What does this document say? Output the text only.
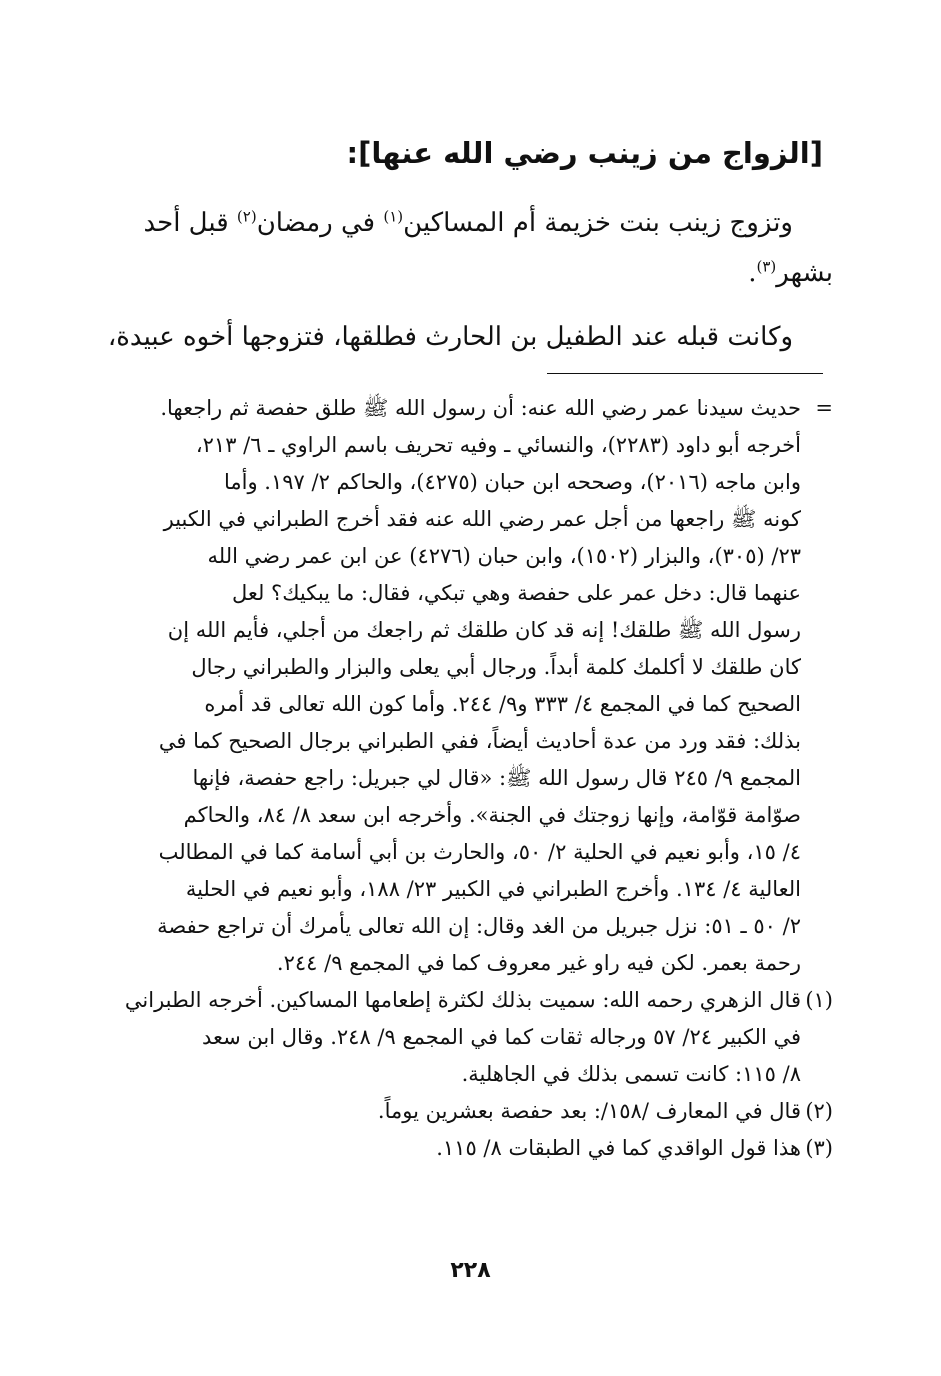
[الزواج من زينب رضي الله عنها]:
وتزوج زينب بنت خزيمة أم المساكين$^{(١)}$ في رمضان$^{(٢)}$ قبل أحد
بشهر$^{(٣)}$.
وكانت قبله عند الطفيل بن الحارث فطلقها، فتزوجها أخوه عبيدة،
=
حديث سيدنا عمر رضي الله عنه: أن رسول الله ﷺ طلق حفصة ثم راجعها.
أخرجه أبو داود (٢٢٨٣)، والنسائي ـ وفيه تحريف باسم الراوي ـ ٦/ ٢١٣،
وابن ماجه (٢٠١٦)، وصححه ابن حبان (٤٢٧٥)، والحاكم ٢/ ١٩٧. وأما
كونه ﷺ راجعها من أجل عمر رضي الله عنه فقد أخرج الطبراني في الكبير
٢٣/ (٣٠٥)، والبزار (١٥٠٢)، وابن حبان (٤٢٧٦) عن ابن عمر رضي الله
عنهما قال: دخل عمر على حفصة وهي تبكي، فقال: ما يبكيك؟ لعل
رسول الله ﷺ طلقك! إنه قد كان طلقك ثم راجعك من أجلي، فأيم الله إن
كان طلقك لا أكلمك كلمة أبداً. ورجال أبي يعلى والبزار والطبراني رجال
الصحيح كما في المجمع ٤/ ٣٣٣ و٩/ ٢٤٤. وأما كون الله تعالى قد أمره
بذلك: فقد ورد من عدة أحاديث أيضاً، ففي الطبراني برجال الصحيح كما في
المجمع ٩/ ٢٤٥ قال رسول الله ﷺ: «قال لي جبريل: راجع حفصة، فإنها
صوّامة قوّامة، وإنها زوجتك في الجنة». وأخرجه ابن سعد ٨/ ٨٤، والحاكم
٤/ ١٥، وأبو نعيم في الحلية ٢/ ٥٠، والحارث بن أبي أسامة كما في المطالب
العالية ٤/ ١٣٤. وأخرج الطبراني في الكبير ٢٣/ ١٨٨، وأبو نعيم في الحلية
٢/ ٥٠ ـ ٥١: نزل جبريل من الغد وقال: إن الله تعالى يأمرك أن تراجع حفصة
رحمة بعمر. لكن فيه راو غير معروف كما في المجمع ٩/ ٢٤٤.
(١)
قال الزهري رحمه الله: سميت بذلك لكثرة إطعامها المساكين. أخرجه الطبراني
في الكبير ٢٤/ ٥٧ ورجاله ثقات كما في المجمع ٩/ ٢٤٨. وقال ابن سعد
٨/ ١١٥: كانت تسمى بذلك في الجاهلية.
(٢)
قال في المعارف /١٥٨/: بعد حفصة بعشرين يوماً.
(٣)
هذا قول الواقدي كما في الطبقات ٨/ ١١٥.
٢٢٨
